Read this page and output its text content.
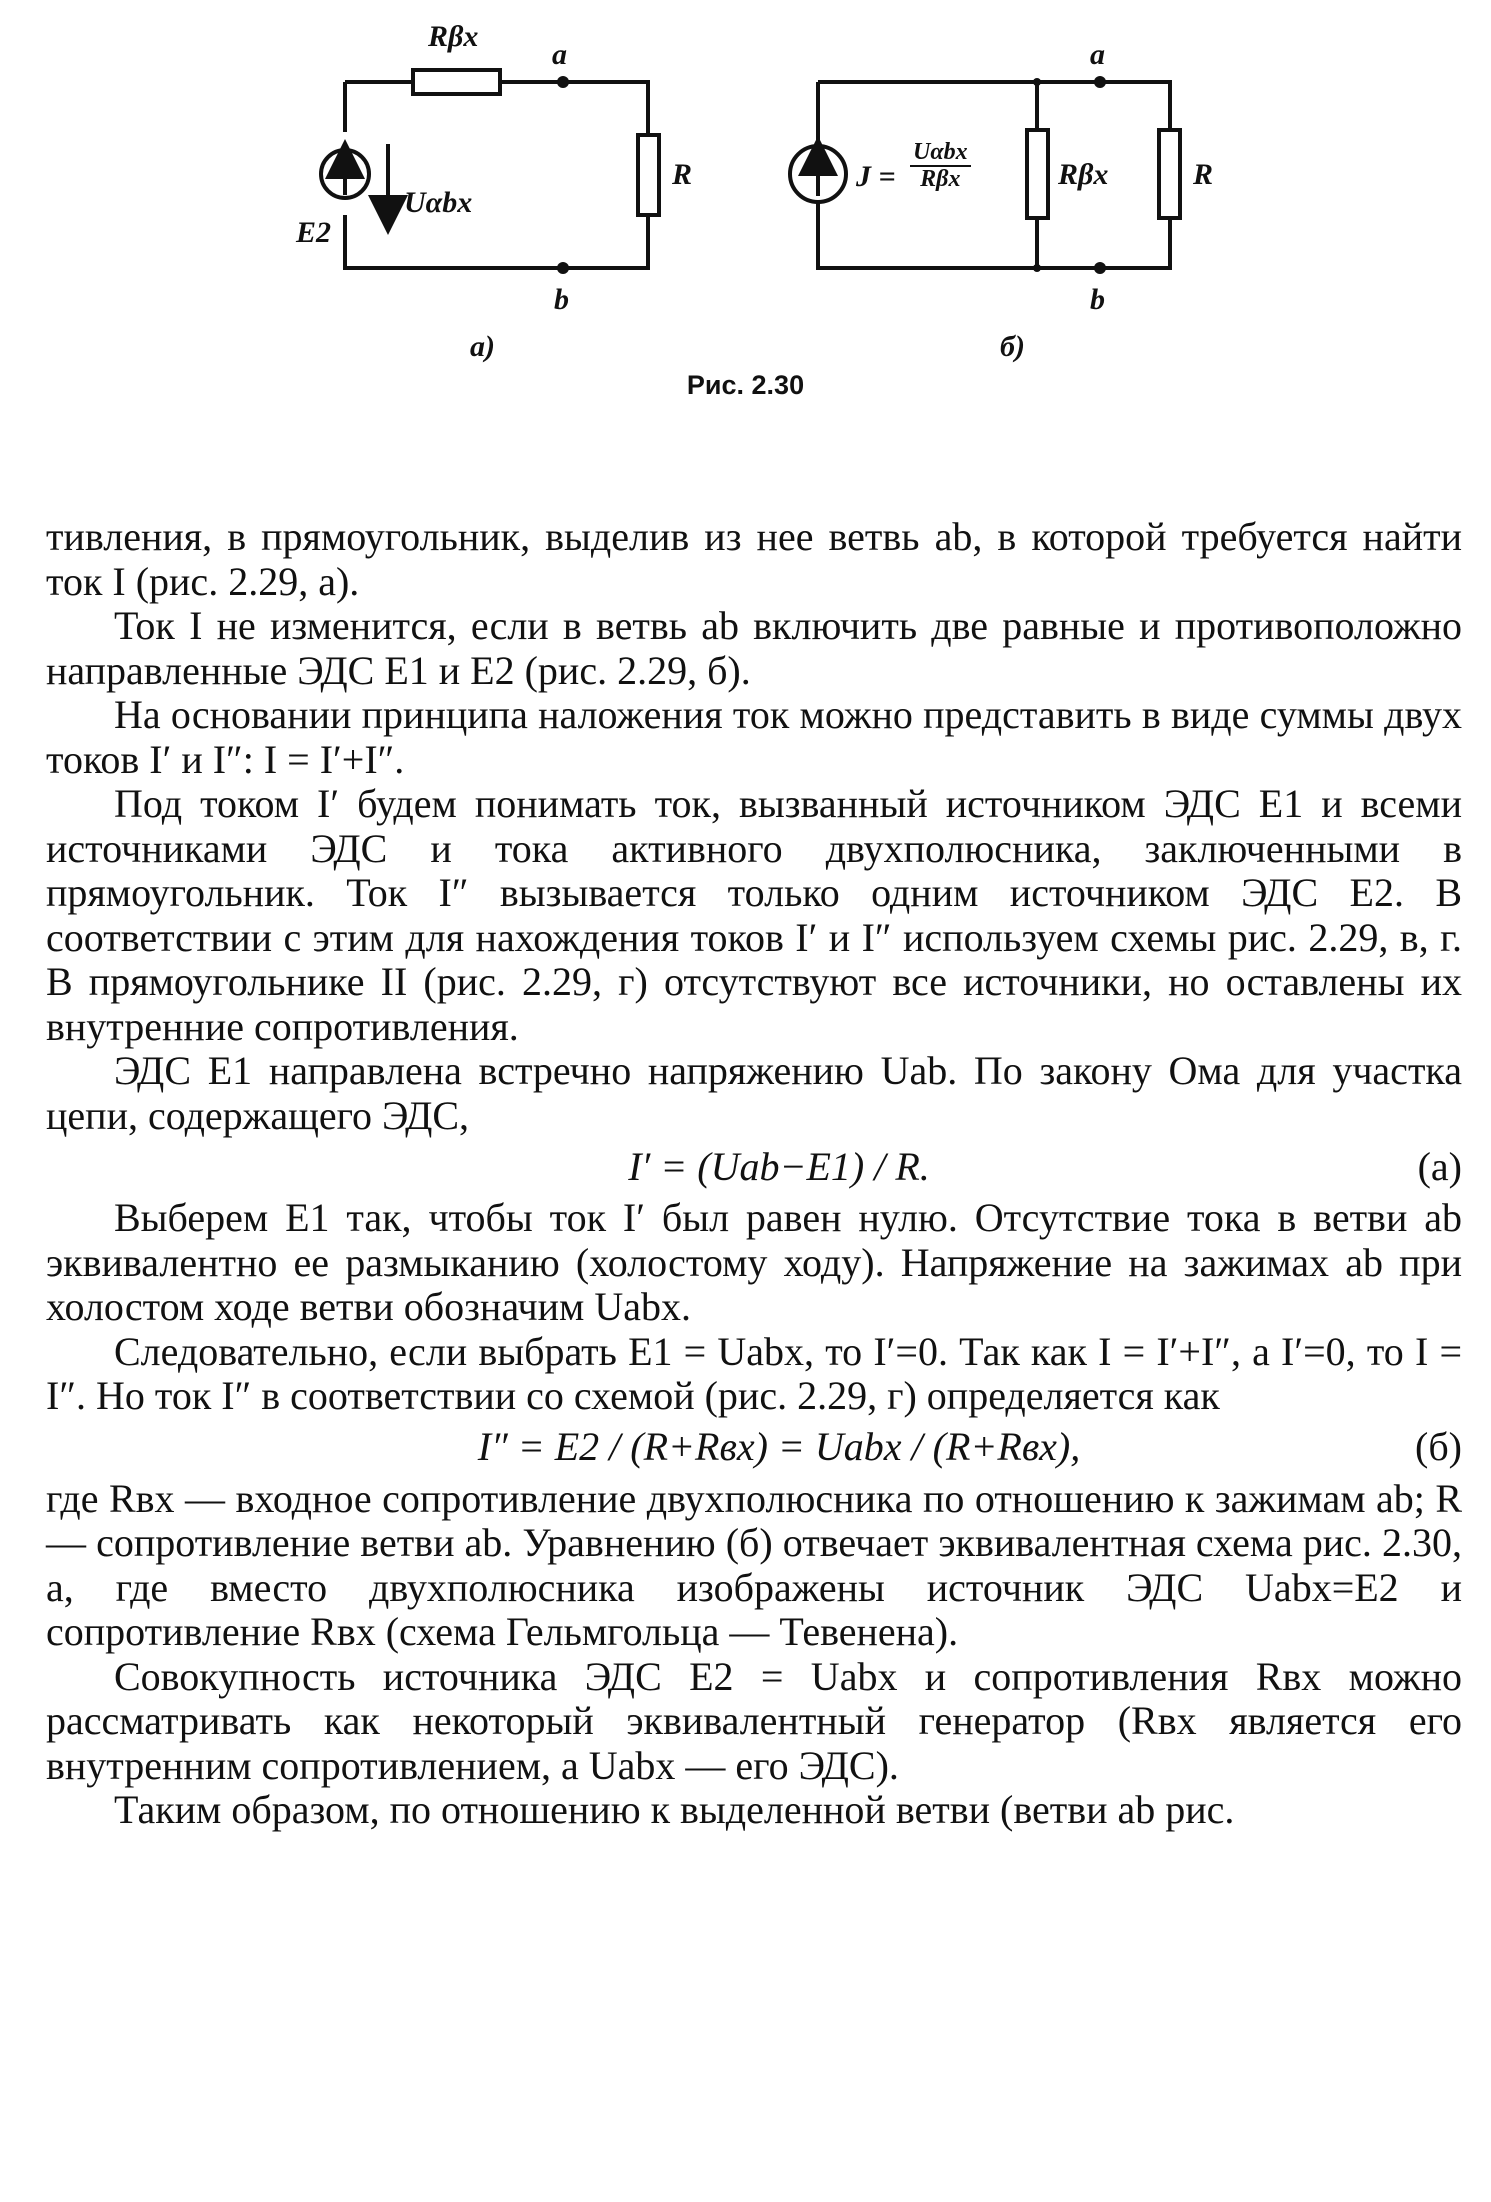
Rβx
a
b
Uαbх
E2
R
a)
a
b
J =
Uαbх
Rβx	Rβx	R
б)
Рис. 2.30

тивления, в прямоугольник, выделив из нее ветвь ab, в которой требуется найти ток I (рис. 2.29, a).

Ток I не изменится, если в ветвь ab включить две равные и противоположно направленные ЭДС E1 и E2 (рис. 2.29, б).

На основании принципа наложения ток можно представить в виде суммы двух токов I′ и I″: I = I′+I″.

Под током I′ будем понимать ток, вызванный источником ЭДС E1 и всеми источниками ЭДС и тока активного двухполюсника, заключенными в прямоугольник. Ток I″ вызывается только одним источником ЭДС E2. В соответствии с этим для нахождения токов I′ и I″ используем схемы рис. 2.29, в, г. В прямоугольнике II (рис. 2.29, г) отсутствуют все источники, но оставлены их внутренние сопротивления.

ЭДС E1 направлена встречно напряжению Uab. По закону Ома для участка цепи, содержащего ЭДС,

I′ = (Uab−E1) / R.	(а)

Выберем E1 так, чтобы ток I′ был равен нулю. Отсутствие тока в ветви ab эквивалентно ее размыканию (холостому ходу). Напряжение на зажимах ab при холостом ходе ветви обозначим Uabx.

Следовательно, если выбрать E1 = Uabx, то I′=0. Так как I = I′+I″, а I′=0, то I = I″. Но ток I″ в соответствии со схемой (рис. 2.29, г) определяется как

I″ = E2 / (R+Rвх) = Uabx / (R+Rвх),	(б)

где Rвх — входное сопротивление двухполюсника по отношению к зажимам ab; R — сопротивление ветви ab. Уравнению (б) отвечает эквивалентная схема рис. 2.30, a, где вместо двухполюсника изображены источник ЭДС Uabx=E2 и сопротивление Rвх (схема Гельмгольца — Тевенена).

Совокупность источника ЭДС E2 = Uabx и сопротивления Rвх можно рассматривать как некоторый эквивалентный генератор (Rвх является его внутренним сопротивлением, а Uabx — его ЭДС).

Таким образом, по отношению к выделенной ветви (ветви ab рис.
